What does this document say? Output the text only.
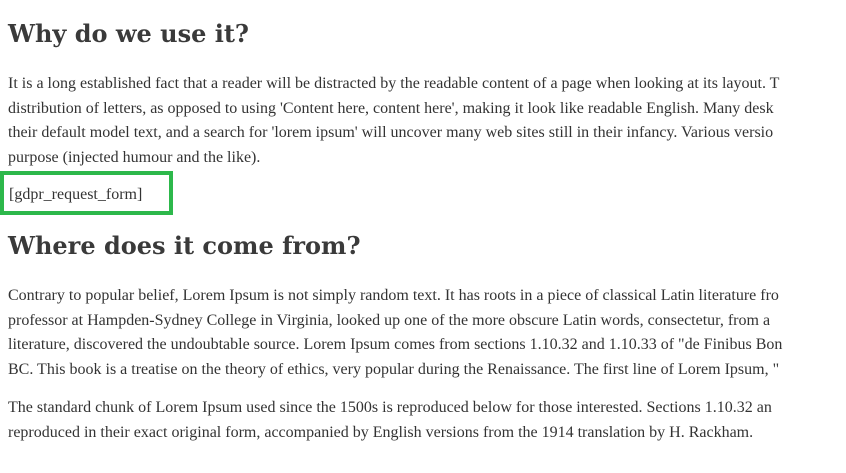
Why do we use it?

It is a long established fact that a reader will be distracted by the readable content of a page when looking at its layout. T
distribution of letters, as opposed to using 'Content here, content here', making it look like readable English. Many desk
their default model text, and a search for 'lorem ipsum' will uncover many web sites still in their infancy. Various versio
purpose (injected humour and the like).

[gdpr_request_form]
Where does it come from?

Contrary to popular belief, Lorem Ipsum is not simply random text. It has roots in a piece of classical Latin literature fro
professor at Hampden-Sydney College in Virginia, looked up one of the more obscure Latin words, consectetur, from a
literature, discovered the undoubtable source. Lorem Ipsum comes from sections 1.10.32 and 1.10.33 of "de Finibus Bon
BC. This book is a treatise on the theory of ethics, very popular during the Renaissance. The first line of Lorem Ipsum, "

The standard chunk of Lorem Ipsum used since the 1500s is reproduced below for those interested. Sections 1.10.32 an
reproduced in their exact original form, accompanied by English versions from the 1914 translation by H. Rackham.
